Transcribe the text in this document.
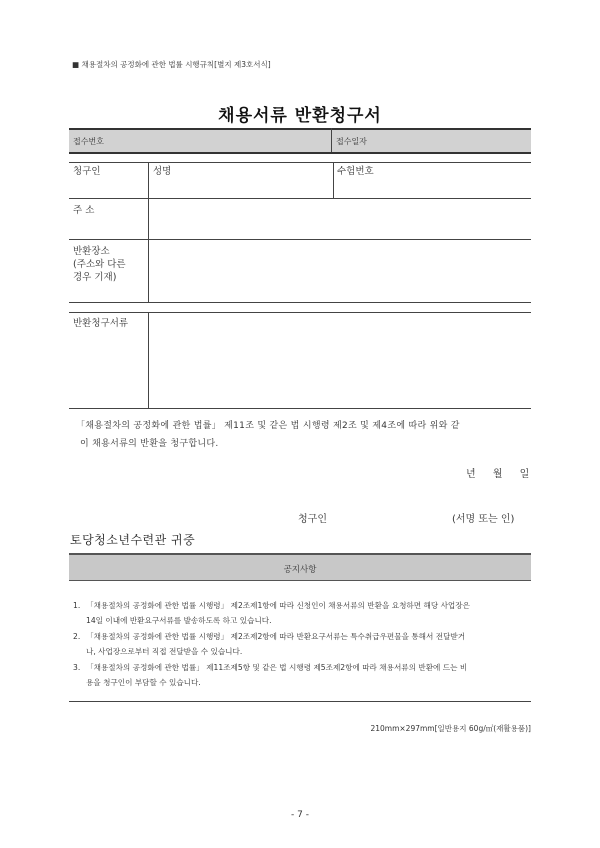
■ 채용절차의 공정화에 관한 법률 시행규칙[별지 제3호서식]
채용서류 반환청구서
접수번호	접수일자
청구인	성명	수험번호
주 소
반환장소
(주소와 다른
경우 기재)
반환청구서류
「채용절차의 공정화에 관한 법률」 제11조 및 같은 법 시행령 제2조 및 제4조에 따라 위와 같
이 채용서류의 반환을 청구합니다.
년 월 일
청구인	(서명 또는 인)
토당청소년수련관 귀중
공지사항
1. 「채용절차의 공정화에 관한 법률 시행령」 제2조제1항에 따라 신청인이 채용서류의 반환을 요청하면 해당 사업장은
14일 이내에 반환요구서류를 발송하도록 하고 있습니다.
2. 「채용절차의 공정화에 관한 법률 시행령」 제2조제2항에 따라 반환요구서류는 특수취급우편물을 통해서 전달받거
나, 사업장으로부터 직접 전달받을 수 있습니다.
3. 「채용절차의 공정화에 관한 법률」 제11조제5항 및 같은 법 시행령 제5조제2항에 따라 채용서류의 반환에 드는 비
용을 청구인이 부담할 수 있습니다.
210mm×297mm[일반용지 60g/㎡(재활용품)]
- 7 -
